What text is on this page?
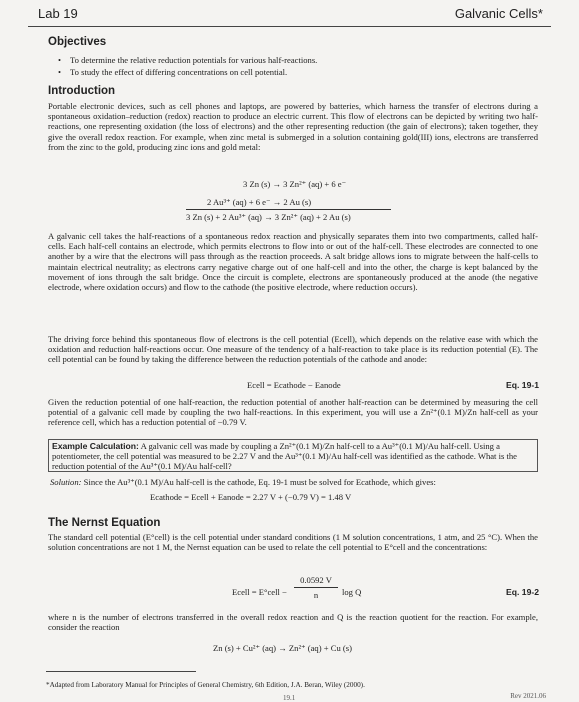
Lab 19	Galvanic Cells*
Objectives
• To determine the relative reduction potentials for various half-reactions.
• To study the effect of differing concentrations on cell potential.
Introduction

Portable electronic devices, such as cell phones and laptops, are powered by batteries, which harness the transfer of electrons during a spontaneous oxidation–reduction (redox) reaction to produce an electric current. This flow of electrons can be depicted by writing two half-reactions, one representing oxidation (the loss of electrons) and the other representing reduction (the gain of electrons); taken together, they give the overall redox reaction. For example, when zinc metal is submerged in a solution containing gold(III) ions, electrons are transferred from the zinc to the gold, producing zinc ions and gold metal:

3 Zn (s) → 3 Zn²⁺ (aq) + 6 e⁻
2 Au³⁺ (aq) + 6 e⁻ → 2 Au (s)
3 Zn (s) + 2 Au³⁺ (aq) → 3 Zn²⁺ (aq) + 2 Au (s)

A galvanic cell takes the half-reactions of a spontaneous redox reaction and physically separates them into two compartments, called half-cells. Each half-cell contains an electrode, which permits electrons to flow into or out of the half-cell. These electrodes are connected to one another by a wire that the electrons will pass through as the reaction proceeds. A salt bridge allows ions to migrate between the half-cells to maintain electrical neutrality; as electrons carry negative charge out of one half-cell and into the other, the charge is kept balanced by the movement of ions through the salt bridge. Once the circuit is complete, electrons are spontaneously produced at the anode (the negative electrode, where oxidation occurs) and flow to the cathode (the positive electrode, where reduction occurs).

The driving force behind this spontaneous flow of electrons is the cell potential (Ecell), which depends on the relative ease with which the oxidation and reduction half-reactions occur. One measure of the tendency of a half-reaction to take place is its reduction potential (E). The cell potential can be found by taking the difference between the reduction potentials of the cathode and anode:

Ecell = Ecathode − Eanode	Eq. 19-1

Given the reduction potential of one half-reaction, the reduction potential of another half-reaction can be determined by measuring the cell potential of a galvanic cell made by coupling the two half-reactions. In this experiment, you will use a Zn²⁺(0.1 M)/Zn half-cell as your reference cell, which has a reduction potential of −0.79 V.

Example Calculation: A galvanic cell was made by coupling a Zn²⁺(0.1 M)/Zn half-cell to a Au³⁺(0.1 M)/Au half-cell. Using a potentiometer, the cell potential was measured to be 2.27 V and the Au³⁺(0.1 M)/Au half-cell was identified as the cathode. What is the reduction potential of the Au³⁺(0.1 M)/Au half-cell?

Solution: Since the Au³⁺(0.1 M)/Au half-cell is the cathode, Eq. 19-1 must be solved for Ecathode, which gives:

Ecathode = Ecell + Eanode = 2.27 V + (−0.79 V) = 1.48 V
The Nernst Equation

The standard cell potential (E°cell) is the cell potential under standard conditions (1 M solution concentrations, 1 atm, and 25 °C). When the solution concentrations are not 1 M, the Nernst equation can be used to relate the cell potential to E°cell and the concentrations:

Ecell = E°cell −
0.0592 V
n	log Q	Eq. 19-2

where n is the number of electrons transferred in the overall redox reaction and Q is the reaction quotient for the reaction. For example, consider the reaction

Zn (s) + Cu²⁺ (aq) → Zn²⁺ (aq) + Cu (s)
*Adapted from Laboratory Manual for Principles of General Chemistry, 6th Edition, J.A. Beran, Wiley (2000).
19.1	Rev 2021.06
